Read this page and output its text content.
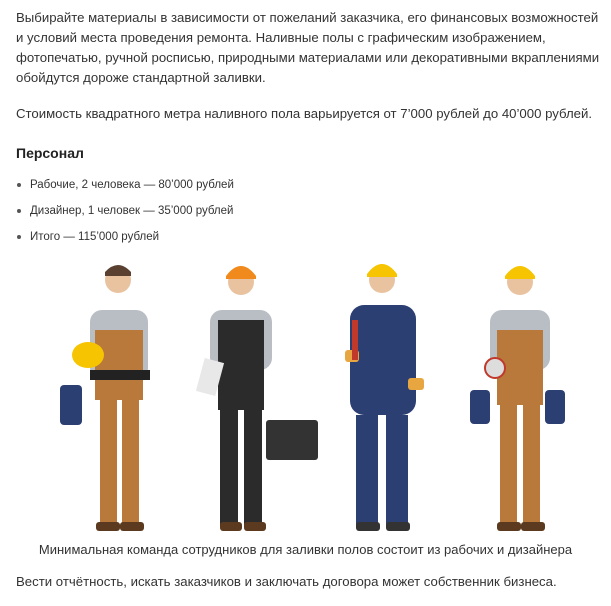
Выбирайте материалы в зависимости от пожеланий заказчика, его финансовых возможностей и условий места проведения ремонта. Наливные полы с графическим изображением, фотопечатью, ручной росписью, природными материалами или декоративными вкраплениями обойдутся дороже стандартной заливки.

Стоимость квадратного метра наливного пола варьируется от 7’000 рублей до 40’000 рублей.

Персонал
Рабочие, 2 человека — 80’000 рублей
Дизайнер, 1 человек — 35’000 рублей
Итого — 115’000 рублей
Минимальная команда сотрудников для заливки полов состоит из рабочих и дизайнера

Вести отчётность, искать заказчиков и заключать договора может собственник бизнеса.
